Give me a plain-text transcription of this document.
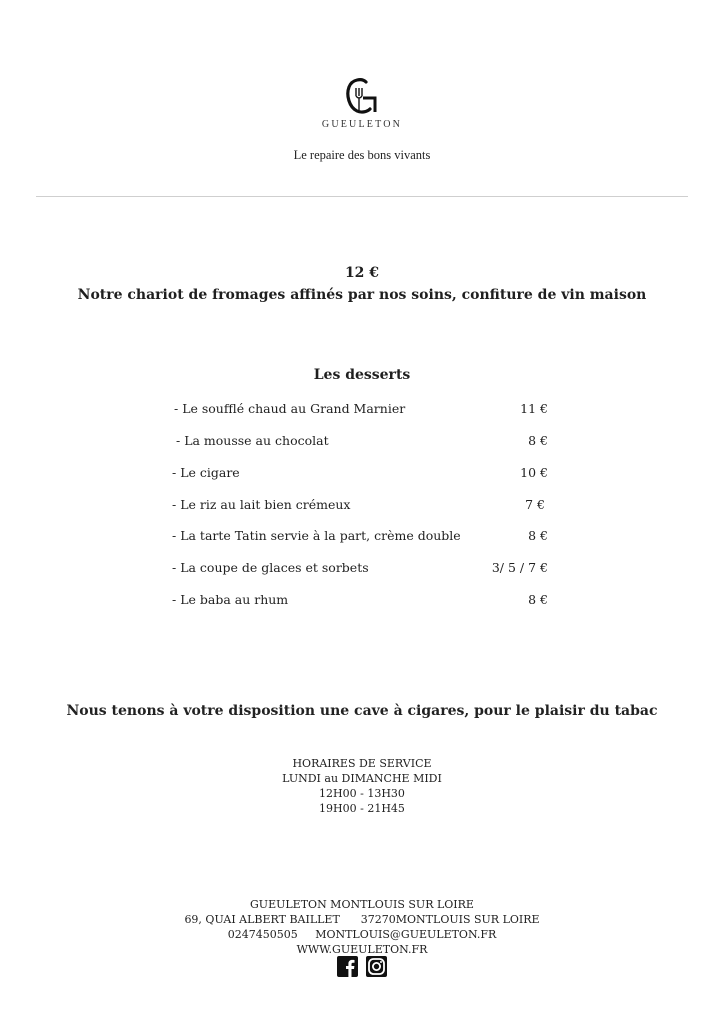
GUEULETON
Le repaire des bons vivants
12 €
Notre chariot de fromages affinés par nos soins, confiture de vin maison
Les desserts
- Le soufflé chaud au Grand Marnier	11 €
- La mousse au chocolat	8 €
- Le cigare	10 €
- Le riz au lait bien crémeux	7 €
- La tarte Tatin servie à la part, crème double	8 €
- La coupe de glaces et sorbets	3/ 5 / 7 €
- Le baba au rhum	8 €
Nous tenons à votre disposition une cave à cigares, pour le plaisir du tabac
HORAIRES DE SERVICE
LUNDI au DIMANCHE MIDI
12H00 - 13H30
19H00 - 21H45
GUEULETON MONTLOUIS SUR LOIRE
69, QUAI ALBERT BAILLET 37270MONTLOUIS SUR LOIRE
0247450505 MONTLOUIS@GUEULETON.FR
WWW.GUEULETON.FR
